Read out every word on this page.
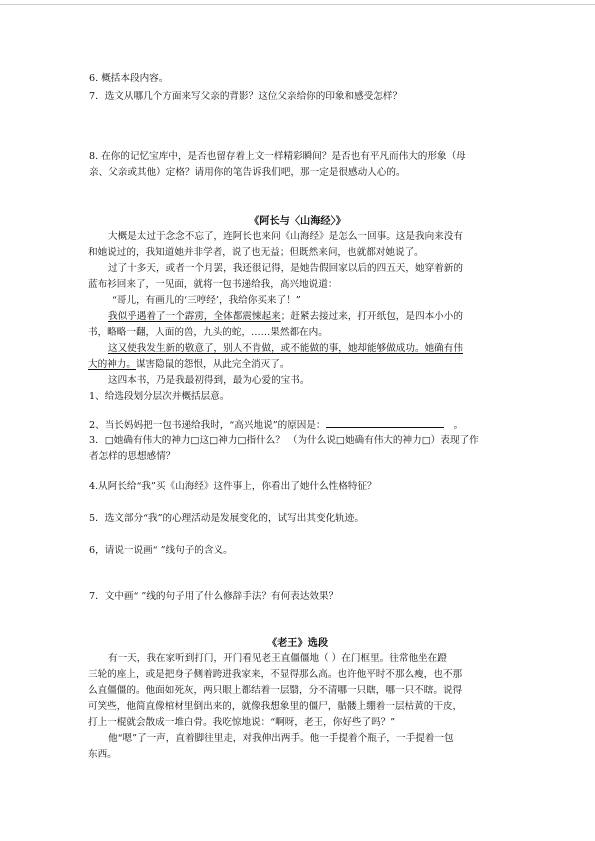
6. 概括本段内容。
7．选文从哪几个方面来写父亲的背影？这位父亲给你的印象和感受怎样？
8. 在你的记忆宝库中，是否也留存着上文一样精彩瞬间？是否也有平凡而伟大的形象（母
亲、父亲或其他）定格？请用你的笔告诉我们吧，那一定是很感动人心的。
《阿长与〈山海经〉》
大概是太过于念念不忘了，连阿长也来问《山海经》是怎么一回事。这是我向来没有
和她说过的，我知道她并非学者，说了也无益；但既然来问，也就都对她说了。
过了十多天，或者一个月罢，我还很记得，是她告假回家以后的四五天，她穿着新的
蓝布衫回来了，一见面，就将一包书递给我，高兴地说道：
“哥儿，有画儿的‘三哼经’，我给你买来了！”
我似乎遇着了一个霹雳，全体都震悚起来；赶紧去接过来，打开纸包，是四本小小的
书，略略一翻，人面的兽，九头的蛇，……果然都在内。
这又使我发生新的敬意了，别人不肯做，或不能做的事，她却能够做成功。她确有伟
大的神力。谋害隐鼠的怨恨，从此完全消灭了。
这四本书，乃是我最初得到，最为心爱的宝书。
1、给选段划分层次并概括层意。
2、当长妈妈把一包书递给我时，“高兴地说”的原因是：	。
3．□她确有伟大的神力□这□神力□指什么？ （为什么说□她确有伟大的神力□）表现了作
者怎样的思想感情？
4.从阿长给“我”买《山海经》这件事上，你看出了她什么性格特征？
5．选文部分“我”的心理活动是发展变化的，试写出其变化轨迹。
6，请说一说画“ ”线句子的含义。
7．文中画“ ”线的句子用了什么修辞手法？有何表达效果？
《老王》选段
有一天，我在家听到打门，开门看见老王直僵僵地（ ）在门框里。往常他坐在蹬
三轮的座上，或是把身子侧着跨进我家来，不显得那么高。也许他平时不那么瘦，也不那
么直僵僵的。他面如死灰，两只眼上都结着一层翳，分不清哪一只瞎，哪一只不瞎。说得
可笑些，他简直像棺材里倒出来的，就像我想象里的僵尸，骷髅上绷着一层枯黄的干皮，
打上一棍就会散成一堆白骨。我吃惊地说：“啊呀，老王，你好些了吗？”
他“嗯”了一声，直着脚往里走，对我伸出两手。他一手提着个瓶子，一手提着一包
东西。
